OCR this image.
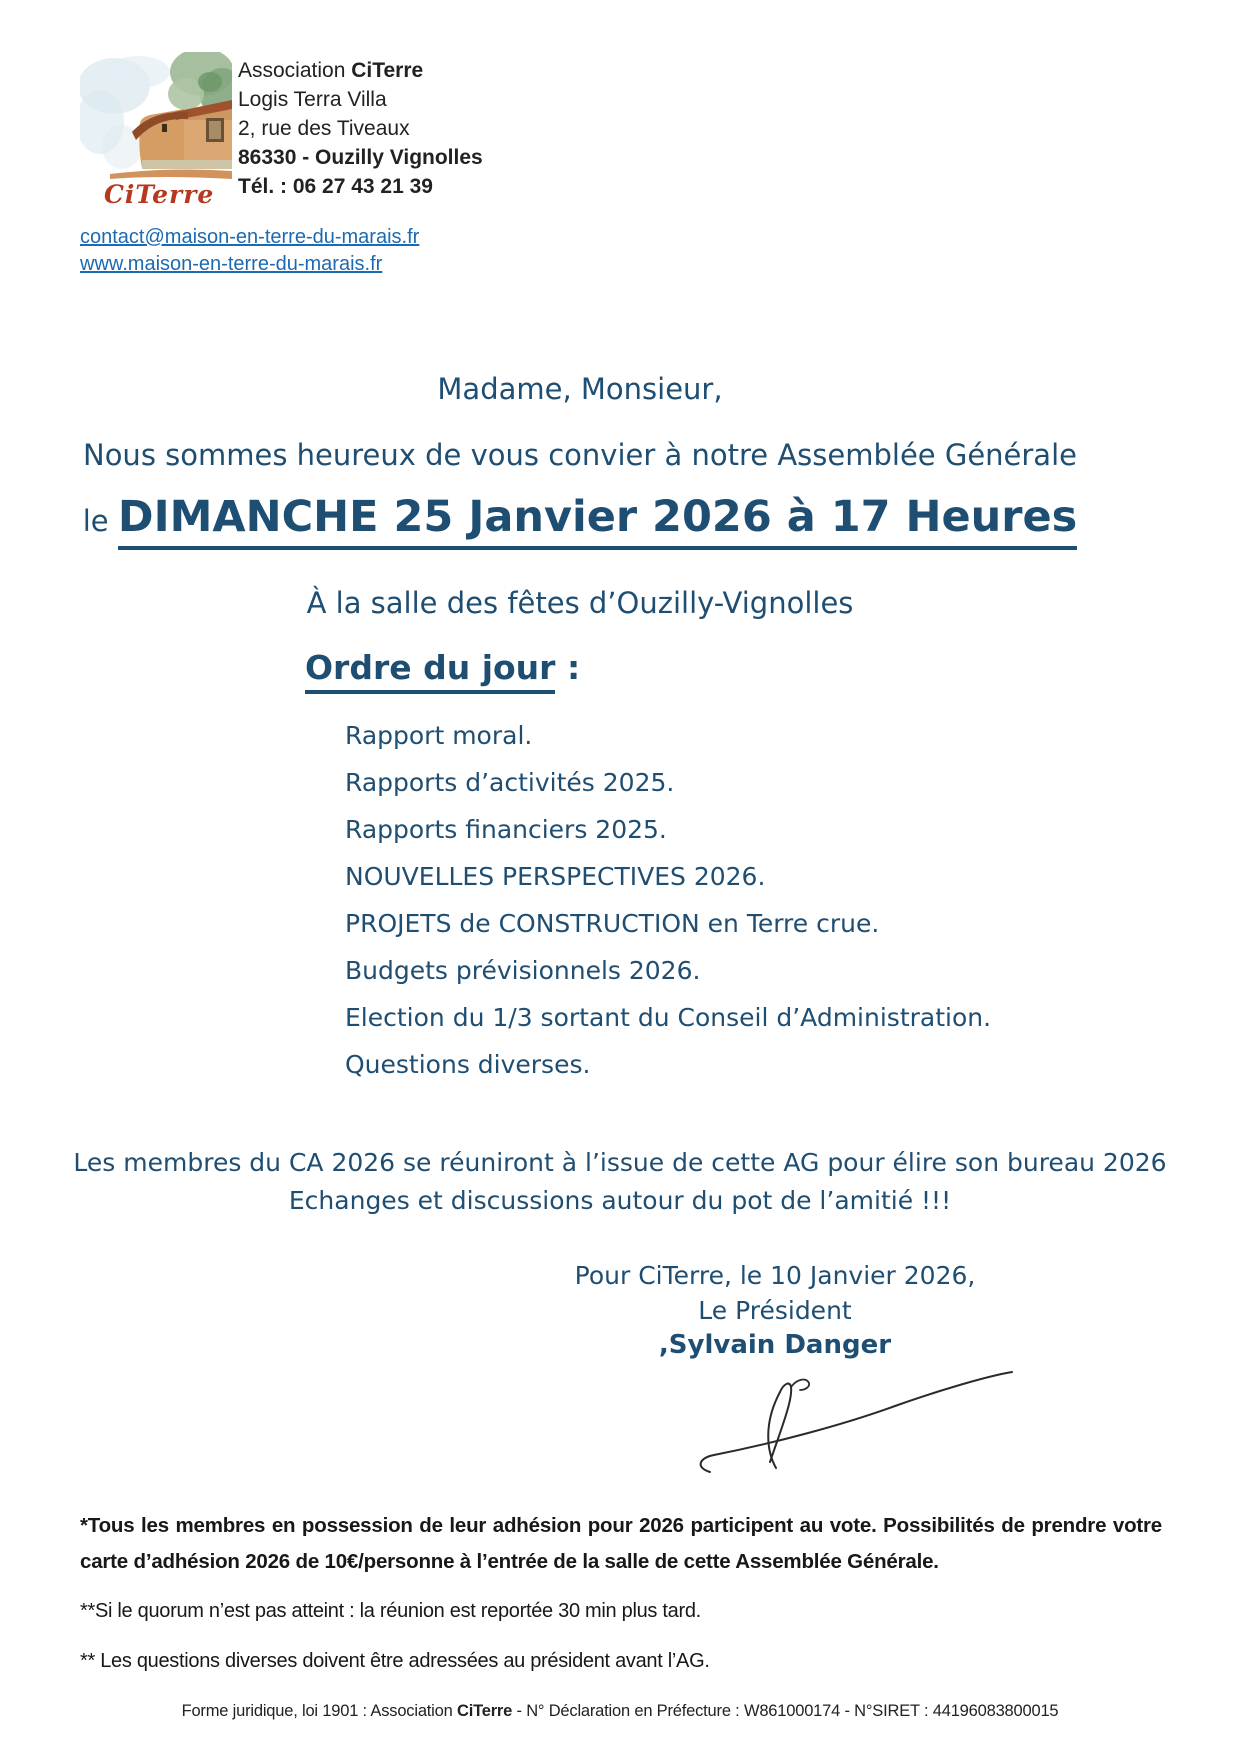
CiTerre
Association CiTerre
Logis Terra Villa
2, rue des Tiveaux
86330 - Ouzilly Vignolles
Tél. : 06 27 43 21 39
contact@maison-en-terre-du-marais.fr
www.maison-en-terre-du-marais.fr
Madame, Monsieur,
Nous sommes heureux de vous convier à notre Assemblée Générale
le DIMANCHE 25 Janvier 2026 à 17 Heures
À la salle des fêtes d’Ouzilly-Vignolles
Ordre du jour :
Rapport moral.
Rapports d’activités 2025.
Rapports financiers 2025.
NOUVELLES PERSPECTIVES 2026.
PROJETS de CONSTRUCTION en Terre crue.
Budgets prévisionnels 2026.
Election du 1/3 sortant du Conseil d’Administration.
Questions diverses.
Les membres du CA 2026 se réuniront à l’issue de cette AG pour élire son bureau 2026
Echanges et discussions autour du pot de l’amitié !!!
Pour CiTerre, le 10 Janvier 2026,
Le Président
,Sylvain Danger
*Tous les membres en possession de leur adhésion pour 2026 participent au vote. Possibilités de prendre votre carte d’adhésion 2026 de 10€/personne à l’entrée de la salle de cette Assemblée Générale.
**Si le quorum n’est pas atteint : la réunion est reportée 30 min plus tard.
** Les questions diverses doivent être adressées au président avant l’AG.
Forme juridique, loi 1901 : Association CiTerre - N° Déclaration en Préfecture : W861000174 - N°SIRET : 44196083800015
